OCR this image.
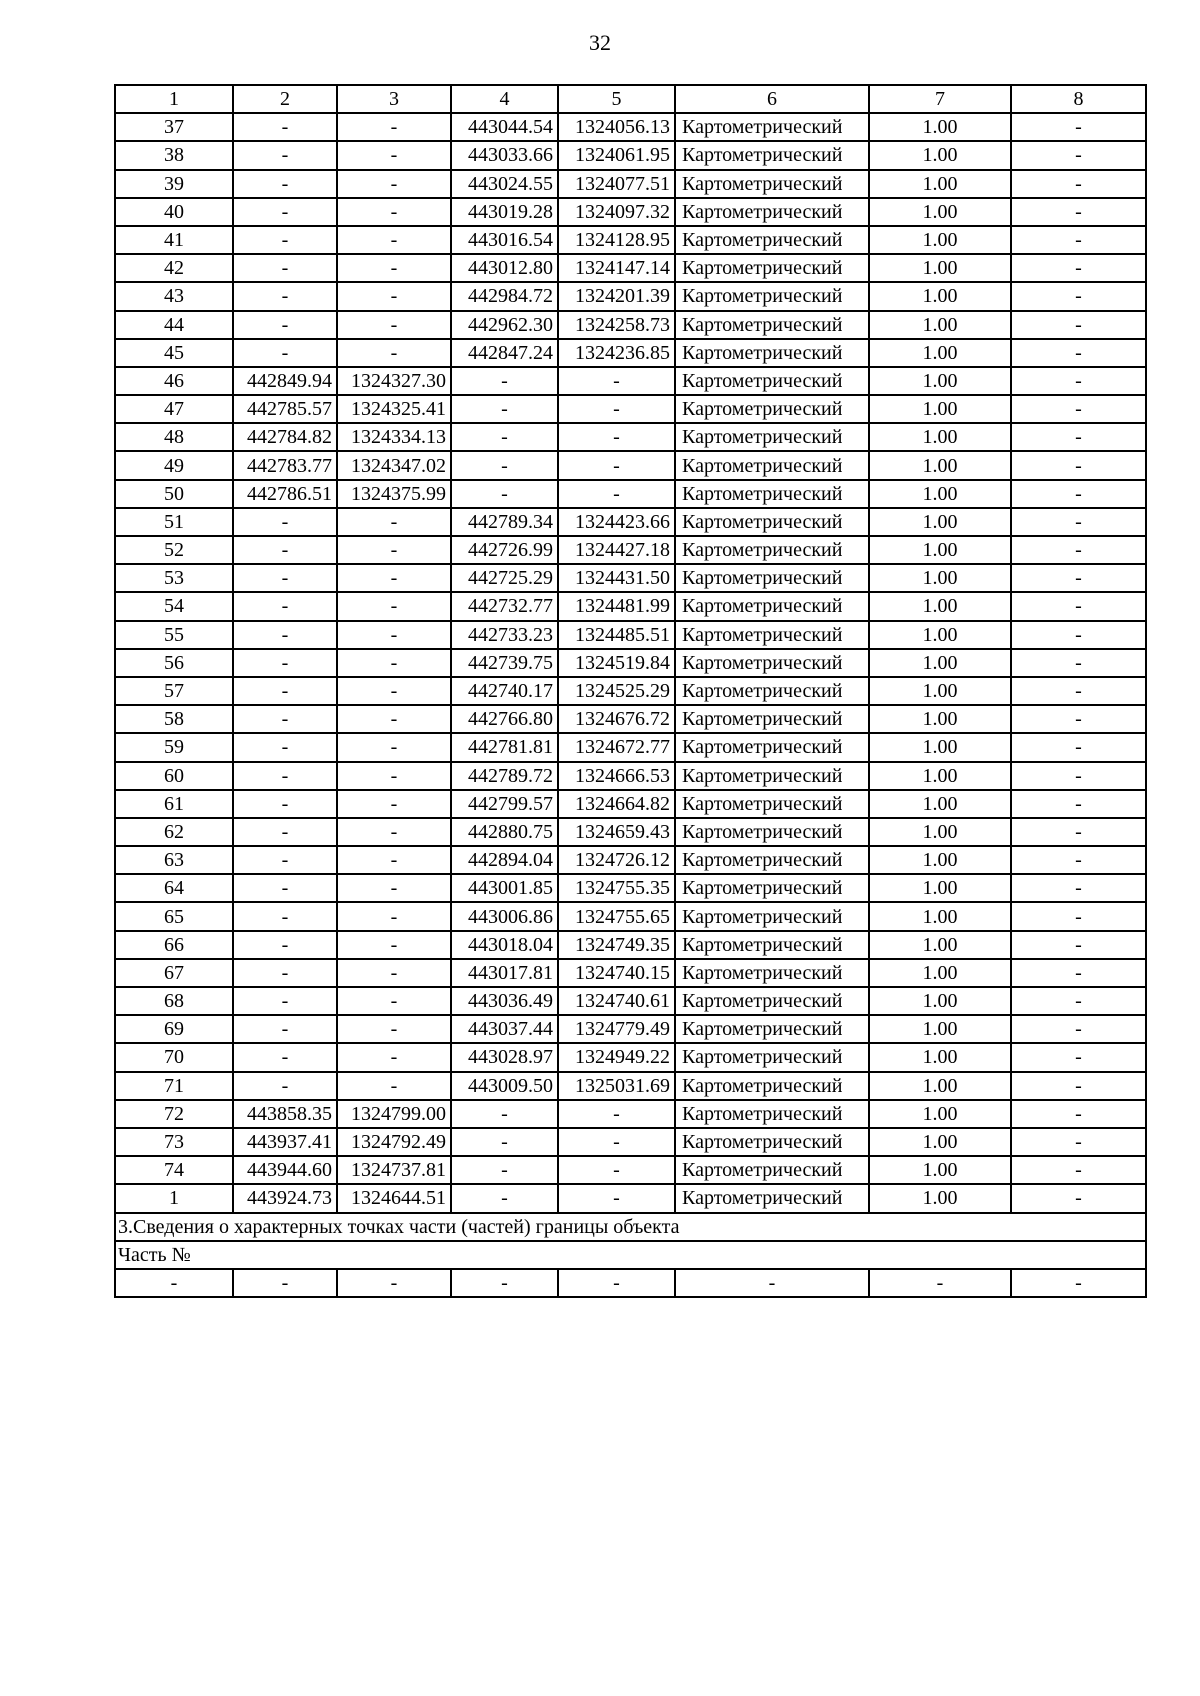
32
1	2	3	4	5	6	7	8
37	-	-	443044.54	1324056.13	Картометрический	1.00	-
38	-	-	443033.66	1324061.95	Картометрический	1.00	-
39	-	-	443024.55	1324077.51	Картометрический	1.00	-
40	-	-	443019.28	1324097.32	Картометрический	1.00	-
41	-	-	443016.54	1324128.95	Картометрический	1.00	-
42	-	-	443012.80	1324147.14	Картометрический	1.00	-
43	-	-	442984.72	1324201.39	Картометрический	1.00	-
44	-	-	442962.30	1324258.73	Картометрический	1.00	-
45	-	-	442847.24	1324236.85	Картометрический	1.00	-
46	442849.94	1324327.30	-	-	Картометрический	1.00	-
47	442785.57	1324325.41	-	-	Картометрический	1.00	-
48	442784.82	1324334.13	-	-	Картометрический	1.00	-
49	442783.77	1324347.02	-	-	Картометрический	1.00	-
50	442786.51	1324375.99	-	-	Картометрический	1.00	-
51	-	-	442789.34	1324423.66	Картометрический	1.00	-
52	-	-	442726.99	1324427.18	Картометрический	1.00	-
53	-	-	442725.29	1324431.50	Картометрический	1.00	-
54	-	-	442732.77	1324481.99	Картометрический	1.00	-
55	-	-	442733.23	1324485.51	Картометрический	1.00	-
56	-	-	442739.75	1324519.84	Картометрический	1.00	-
57	-	-	442740.17	1324525.29	Картометрический	1.00	-
58	-	-	442766.80	1324676.72	Картометрический	1.00	-
59	-	-	442781.81	1324672.77	Картометрический	1.00	-
60	-	-	442789.72	1324666.53	Картометрический	1.00	-
61	-	-	442799.57	1324664.82	Картометрический	1.00	-
62	-	-	442880.75	1324659.43	Картометрический	1.00	-
63	-	-	442894.04	1324726.12	Картометрический	1.00	-
64	-	-	443001.85	1324755.35	Картометрический	1.00	-
65	-	-	443006.86	1324755.65	Картометрический	1.00	-
66	-	-	443018.04	1324749.35	Картометрический	1.00	-
67	-	-	443017.81	1324740.15	Картометрический	1.00	-
68	-	-	443036.49	1324740.61	Картометрический	1.00	-
69	-	-	443037.44	1324779.49	Картометрический	1.00	-
70	-	-	443028.97	1324949.22	Картометрический	1.00	-
71	-	-	443009.50	1325031.69	Картометрический	1.00	-
72	443858.35	1324799.00	-	-	Картометрический	1.00	-
73	443937.41	1324792.49	-	-	Картометрический	1.00	-
74	443944.60	1324737.81	-	-	Картометрический	1.00	-
1	443924.73	1324644.51	-	-	Картометрический	1.00	-
3.Сведения о характерных точках части (частей) границы объекта							
Часть №							
-	-	-	-	-	-	-	-
